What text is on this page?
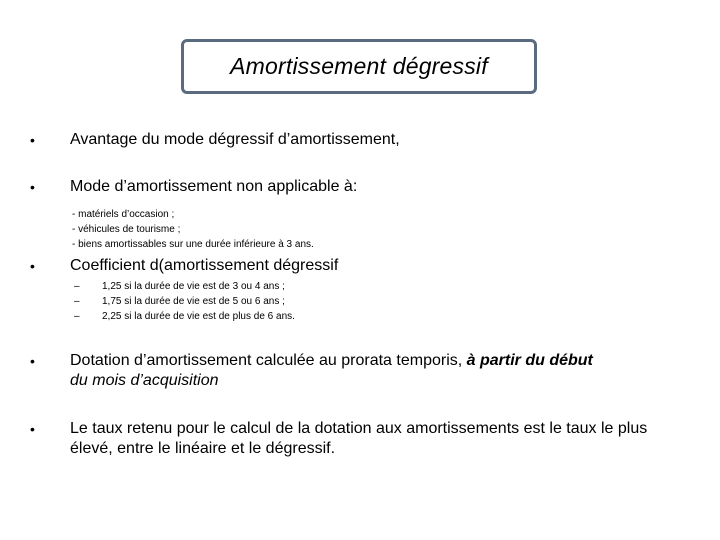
Amortissement dégressif
•	Avantage du mode dégressif d’amortissement,
•	Mode d’amortissement non applicable à:
- matériels d’occasion ;
- véhicules de tourisme ;
- biens amortissables sur une durée inférieure à 3 ans.
•	Coefficient d(amortissement dégressif
–	1,25 si la durée de vie est de 3 ou 4 ans ;
–	1,75 si la durée de vie est de 5 ou 6 ans ;
–	2,25 si la durée de vie est de plus de 6 ans.
•	Dotation d’amortissement calculée au prorata temporis, à partir du début
du mois d’acquisition
•	Le taux retenu pour le calcul de la dotation aux amortissements est le taux le plus élevé, entre le linéaire et le dégressif.
